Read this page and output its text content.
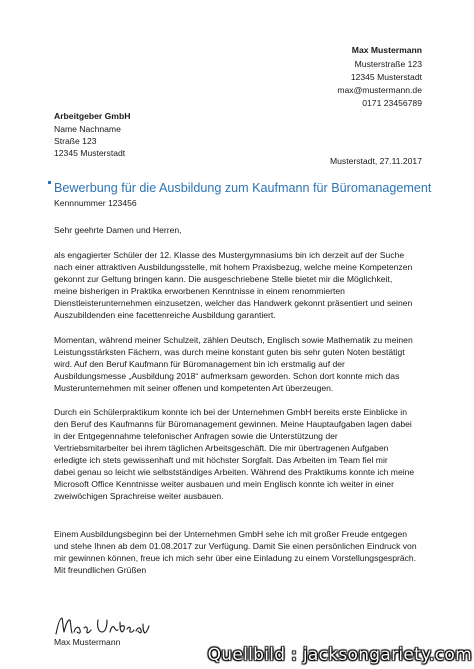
Max Mustermann
Musterstraße 123
12345 Musterstadt
max@mustermann.de
0171 23456789
Arbeitgeber GmbH
Name Nachname
Straße 123
12345 Musterstadt
Musterstadt, 27.11.2017
Bewerbung für die Ausbildung zum Kaufmann für Büromanagement
Kennnummer 123456
Sehr geehrte Damen und Herren,
als engagierter Schüler der 12. Klasse des Mustergymnasiums bin ich derzeit auf der Suche
nach einer attraktiven Ausbildungsstelle, mit hohem Praxisbezug, welche meine Kompetenzen
gekonnt zur Geltung bringen kann. Die ausgeschriebene Stelle bietet mir die Möglichkeit,
meine bisherigen in Praktika erworbenen Kenntnisse in einem renommierten
Dienstleisterunternehmen einzusetzen, welcher das Handwerk gekonnt präsentiert und seinen
Auszubildenden eine facettenreiche Ausbildung garantiert.
Momentan, während meiner Schulzeit, zählen Deutsch, Englisch sowie Mathematik zu meinen
Leistungsstärksten Fächern, was durch meine konstant guten bis sehr guten Noten bestätigt
wird. Auf den Beruf Kaufmann für Büromanagement bin ich erstmalig auf der
Ausbildungsmesse „Ausbildung 2018“ aufmerksam geworden. Schon dort konnte mich das
Musterunternehmen mit seiner offenen und kompetenten Art überzeugen.
Durch ein Schülerpraktikum konnte ich bei der Unternehmen GmbH bereits erste Einblicke in
den Beruf des Kaufmanns für Büromanagement gewinnen. Meine Hauptaufgaben lagen dabei
in der Entgegennahme telefonischer Anfragen sowie die Unterstützung der
Vertriebsmitarbeiter bei ihrem täglichen Arbeitsgeschäft. Die mir übertragenen Aufgaben
erledigte ich stets gewissenhaft und mit höchster Sorgfalt. Das Arbeiten im Team fiel mir
dabei genau so leicht wie selbstständiges Arbeiten. Während des Praktikums konnte ich meine
Microsoft Office Kenntnisse weiter ausbauen und mein Englisch konnte ich weiter in einer
zweiwöchigen Sprachreise weiter ausbauen.
Einem Ausbildungsbeginn bei der Unternehmen GmbH sehe ich mit großer Freude entgegen
und stehe Ihnen ab dem 01.08.2017 zur Verfügung. Damit Sie einen persönlichen Eindruck von
mir gewinnen können, freue ich mich sehr über eine Einladung zu einem Vorstellungsgespräch.
Mit freundlichen Grüßen
Max Mustermann
Quellbild : jacksongariety.com
